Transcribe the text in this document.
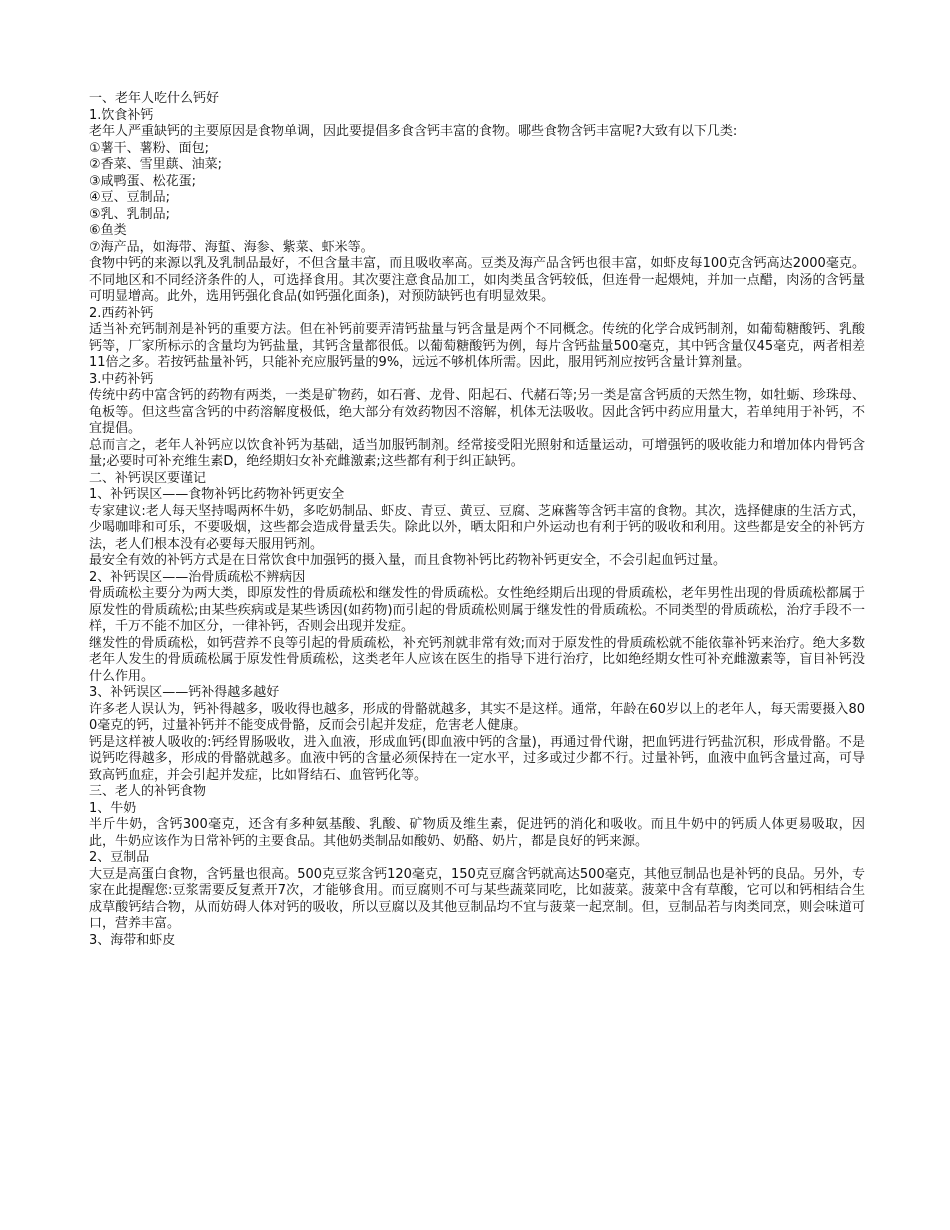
一、老年人吃什么钙好

1.饮食补钙

老年人严重缺钙的主要原因是食物单调，因此要提倡多食含钙丰富的食物。哪些食物含钙丰富呢?大致有以下几类:

①薯干、薯粉、面包;

②香菜、雪里蕻、油菜;

③咸鸭蛋、松花蛋;

④豆、豆制品;

⑤乳、乳制品;

⑥鱼类

⑦海产品，如海带、海蜇、海参、紫菜、虾米等。

食物中钙的来源以乳及乳制品最好，不但含量丰富，而且吸收率高。豆类及海产品含钙也很丰富，如虾皮每100克含钙高达2000毫克。不同地区和不同经济条件的人，可选择食用。其次要注意食品加工，如肉类虽含钙较低，但连骨一起煨炖，并加一点醋，肉汤的含钙量可明显增高。此外，选用钙强化食品(如钙强化面条)，对预防缺钙也有明显效果。

2.西药补钙

适当补充钙制剂是补钙的重要方法。但在补钙前要弄清钙盐量与钙含量是两个不同概念。传统的化学合成钙制剂，如葡萄糖酸钙、乳酸钙等，厂家所标示的含量均为钙盐量，其钙含量都很低。以葡萄糖酸钙为例，每片含钙盐量500毫克，其中钙含量仅45毫克，两者相差11倍之多。若按钙盐量补钙，只能补充应服钙量的9%，远远不够机体所需。因此，服用钙剂应按钙含量计算剂量。

3.中药补钙

传统中药中富含钙的药物有两类，一类是矿物药，如石膏、龙骨、阳起石、代赭石等;另一类是富含钙质的天然生物，如牡蛎、珍珠母、龟板等。但这些富含钙的中药溶解度极低，绝大部分有效药物因不溶解，机体无法吸收。因此含钙中药应用量大，若单纯用于补钙，不宜提倡。

总而言之，老年人补钙应以饮食补钙为基础，适当加服钙制剂。经常接受阳光照射和适量运动，可增强钙的吸收能力和增加体内骨钙含量;必要时可补充维生素D，绝经期妇女补充雌激素;这些都有利于纠正缺钙。

二、补钙误区要谨记

1、补钙误区——食物补钙比药物补钙更安全

专家建议:老人每天坚持喝两杯牛奶，多吃奶制品、虾皮、青豆、黄豆、豆腐、芝麻酱等含钙丰富的食物。其次，选择健康的生活方式，少喝咖啡和可乐，不要吸烟，这些都会造成骨量丢失。除此以外，晒太阳和户外运动也有利于钙的吸收和利用。这些都是安全的补钙方法，老人们根本没有必要每天服用钙剂。

最安全有效的补钙方式是在日常饮食中加强钙的摄入量，而且食物补钙比药物补钙更安全，不会引起血钙过量。

2、补钙误区——治骨质疏松不辨病因

骨质疏松主要分为两大类，即原发性的骨质疏松和继发性的骨质疏松。女性绝经期后出现的骨质疏松，老年男性出现的骨质疏松都属于原发性的骨质疏松;由某些疾病或是某些诱因(如药物)而引起的骨质疏松则属于继发性的骨质疏松。不同类型的骨质疏松，治疗手段不一样，千万不能不加区分，一律补钙，否则会出现并发症。

继发性的骨质疏松，如钙营养不良等引起的骨质疏松，补充钙剂就非常有效;而对于原发性的骨质疏松就不能依靠补钙来治疗。绝大多数老年人发生的骨质疏松属于原发性骨质疏松，这类老年人应该在医生的指导下进行治疗，比如绝经期女性可补充雌激素等，盲目补钙没什么作用。

3、补钙误区——钙补得越多越好

许多老人误认为，钙补得越多，吸收得也越多，形成的骨骼就越多，其实不是这样。通常，年龄在60岁以上的老年人，每天需要摄入800毫克的钙，过量补钙并不能变成骨骼，反而会引起并发症，危害老人健康。

钙是这样被人吸收的:钙经胃肠吸收，进入血液，形成血钙(即血液中钙的含量)，再通过骨代谢，把血钙进行钙盐沉积，形成骨骼。不是说钙吃得越多，形成的骨骼就越多。血液中钙的含量必须保持在一定水平，过多或过少都不行。过量补钙，血液中血钙含量过高，可导致高钙血症，并会引起并发症，比如肾结石、血管钙化等。

三、老人的补钙食物

1、牛奶

半斤牛奶，含钙300毫克，还含有多种氨基酸、乳酸、矿物质及维生素，促进钙的消化和吸收。而且牛奶中的钙质人体更易吸取，因此，牛奶应该作为日常补钙的主要食品。其他奶类制品如酸奶、奶酪、奶片，都是良好的钙来源。

2、豆制品

大豆是高蛋白食物，含钙量也很高。500克豆浆含钙120毫克，150克豆腐含钙就高达500毫克，其他豆制品也是补钙的良品。另外，专家在此提醒您:豆浆需要反复煮开7次，才能够食用。而豆腐则不可与某些蔬菜同吃，比如菠菜。菠菜中含有草酸，它可以和钙相结合生成草酸钙结合物，从而妨碍人体对钙的吸收，所以豆腐以及其他豆制品均不宜与菠菜一起烹制。但，豆制品若与肉类同烹，则会味道可口，营养丰富。

3、海带和虾皮
